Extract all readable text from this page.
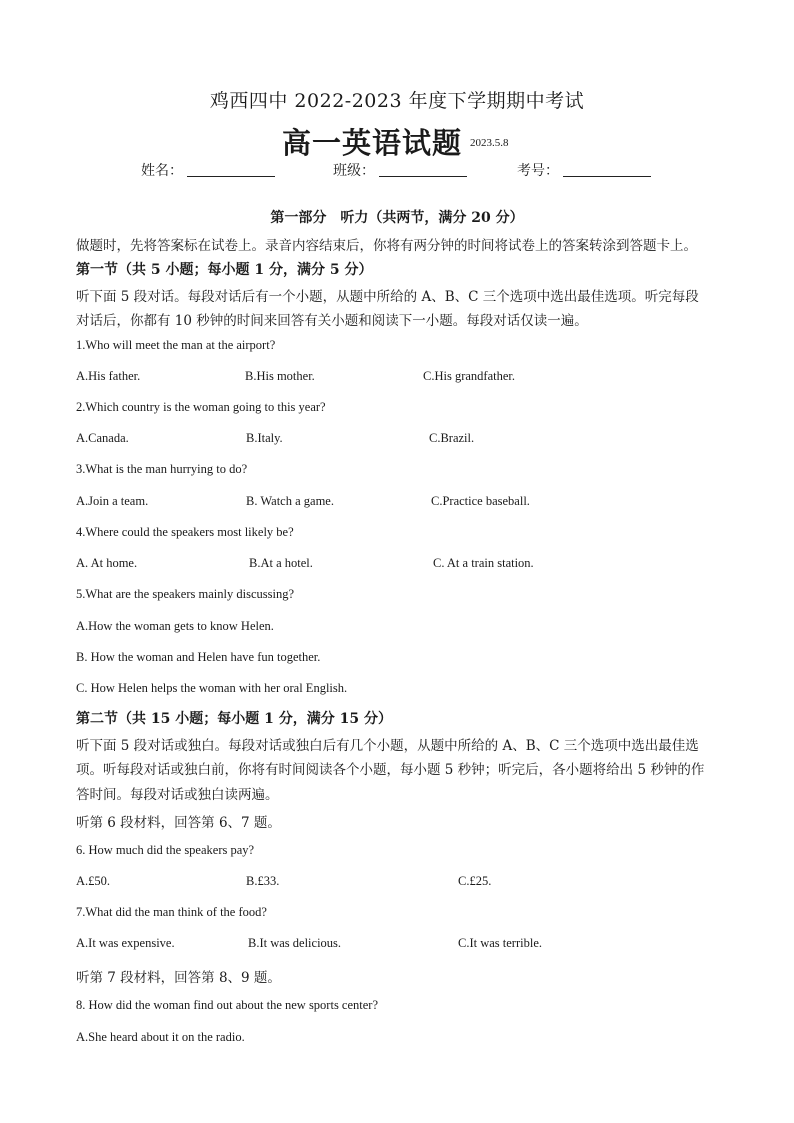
鸡西四中 2022-2023 年度下学期期中考试
高一英语试题 2023.5.8
姓名：	班级：	考号：
第一部分　听力（共两节，满分 20 分）
做题时，先将答案标在试卷上。录音内容结束后，你将有两分钟的时间将试卷上的答案转涂到答题卡上。
第一节（共 5 小题；每小题 1 分，满分 5 分）
听下面 5 段对话。每段对话后有一个小题，从题中所给的 A、B、C 三个选项中选出最佳选项。听完每段
对话后，你都有 10 秒钟的时间来回答有关小题和阅读下一小题。每段对话仅读一遍。
1.Who will meet the man at the airport?
A.His father.	B.His mother.	C.His grandfather.
2.Which country is the woman going to this year?
A.Canada.	B.Italy.	C.Brazil.
3.What is the man hurrying to do?
A.Join a team.	B. Watch a game.	C.Practice baseball.
4.Where could the speakers most likely be?
A. At home.	B.At a hotel.	C. At a train station.
5.What are the speakers mainly discussing?
A.How the woman gets to know Helen.
B. How the woman and Helen have fun together.
C. How Helen helps the woman with her oral English.
第二节（共 15 小题；每小题 1 分，满分 15 分）
听下面 5 段对话或独白。每段对话或独白后有几个小题，从题中所给的 A、B、C 三个选项中选出最佳选
项。听每段对话或独白前，你将有时间阅读各个小题，每小题 5 秒钟；听完后，各小题将给出 5 秒钟的作
答时间。每段对话或独白读两遍。
听第 6 段材料，回答第 6、7 题。
6. How much did the speakers pay?
A.£50.	B.£33.	C.£25.
7.What did the man think of the food?
A.It was expensive.	B.It was delicious.	C.It was terrible.
听第 7 段材料，回答第 8、9 题。
8. How did the woman find out about the new sports center?
A.She heard about it on the radio.
